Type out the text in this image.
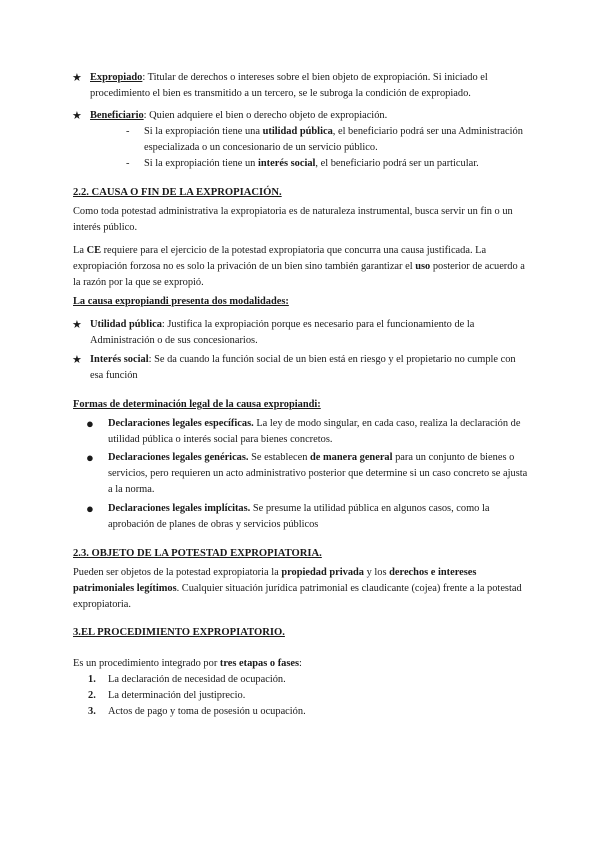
★ Expropiado: Titular de derechos o intereses sobre el bien objeto de expropiación. Si iniciado el procedimiento el bien es transmitido a un tercero, se le subroga la condición de expropiado.
★ Beneficiario: Quien adquiere el bien o derecho objeto de expropiación.
- Si la expropiación tiene una utilidad pública, el beneficiario podrá ser una Administración especializada o un concesionario de un servicio público.
- Si la expropiación tiene un interés social, el beneficiario podrá ser un particular.
2.2. CAUSA O FIN DE LA EXPROPIACIÓN.
Como toda potestad administrativa la expropiatoria es de naturaleza instrumental, busca servir un fin o un interés público.
La CE requiere para el ejercicio de la potestad expropiatoria que concurra una causa justificada. La expropiación forzosa no es solo la privación de un bien sino también garantizar el uso posterior de acuerdo a la razón por la que se expropió.
La causa expropiandi presenta dos modalidades:
★ Utilidad pública: Justifica la expropiación porque es necesario para el funcionamiento de la Administración o de sus concesionarios.
★ Interés social: Se da cuando la función social de un bien está en riesgo y el propietario no cumple con esa función
Formas de determinación legal de la causa expropiandi:
● Declaraciones legales específicas. La ley de modo singular, en cada caso, realiza la declaración de utilidad pública o interés social para bienes concretos.
● Declaraciones legales genéricas. Se establecen de manera general para un conjunto de bienes o servicios, pero requieren un acto administrativo posterior que determine si un caso concreto se ajusta a la norma.
● Declaraciones legales implícitas. Se presume la utilidad pública en algunos casos, como la aprobación de planes de obras y servicios públicos
2.3. OBJETO DE LA POTESTAD EXPROPIATORIA.
Pueden ser objetos de la potestad expropiatoria la propiedad privada y los derechos e intereses patrimoniales legítimos. Cualquier situación jurídica patrimonial es claudicante (cojea) frente a la potestad expropiatoria.
3.EL PROCEDIMIENTO EXPROPIATORIO.
Es un procedimiento integrado por tres etapas o fases:
1. La declaración de necesidad de ocupación.
2. La determinación del justiprecio.
3. Actos de pago y toma de posesión u ocupación.
